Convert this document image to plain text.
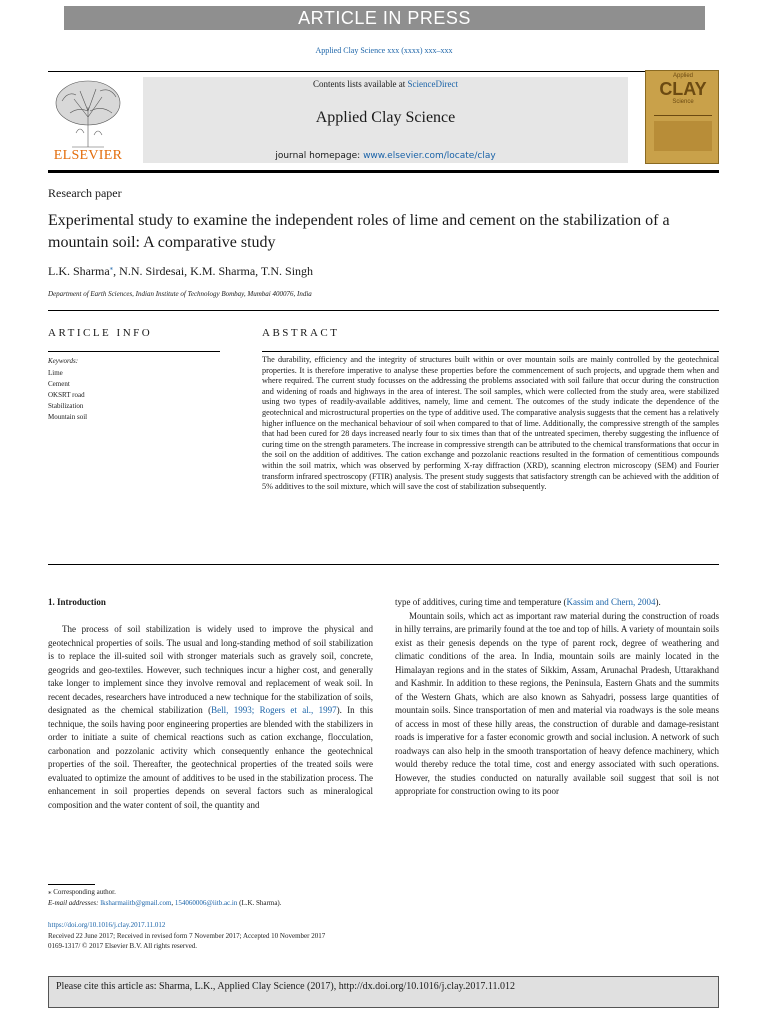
ARTICLE IN PRESS
Applied Clay Science xxx (xxxx) xxx–xxx
ELSEVIER
Contents lists available at ScienceDirect
Applied Clay Science
journal homepage: www.elsevier.com/locate/clay
Applied
CLAY
Science
Research paper
Experimental study to examine the independent roles of lime and cement on the stabilization of a mountain soil: A comparative study
L.K. Sharma⁎, N.N. Sirdesai, K.M. Sharma, T.N. Singh
Department of Earth Sciences, Indian Institute of Technology Bombay, Mumbai 400076, India
ARTICLE INFO	ABSTRACT
Keywords:
Lime
Cement
OKSRT road
Stabilization
Mountain soil
The durability, efficiency and the integrity of structures built within or over mountain soils are mainly controlled by the geotechnical properties. It is therefore imperative to analyse these properties before the commencement of such projects, and upgrade them when and where required. The current study focusses on the addressing the problems associated with soil failure that occur during the construction and widening of roads and highways in the area of interest. The soil samples, which were collected from the study area, were stabilized using two types of readily-available additives, namely, lime and cement. The outcomes of the study indicate the dependence of the geotechnical and microstructural properties on the type of additive used. The comparative analysis suggests that the cement has a relatively higher influence on the mechanical behaviour of soil when compared to that of lime. Additionally, the compressive strength of the samples that had been cured for 28 days increased nearly four to six times than that of the untreated specimen, thereby suggesting the influence of curing time on the strength parameters. The increase in compressive strength can be attributed to the chemical transformations that occur in the soil on the addition of additives. The cation exchange and pozzolanic reactions resulted in the formation of cementitious compounds within the soil matrix, which was observed by performing X-ray diffraction (XRD), scanning electron microscopy (SEM) and Fourier transform infrared spectroscopy (FTIR) analysis. The present study suggests that satisfactory strength can be achieved with the addition of 5% additives to the soil mixture, which will save the cost of stabilization subsequently.
1. Introduction

The process of soil stabilization is widely used to improve the physical and geotechnical properties of soils. The usual and long-standing method of soil stabilization is to replace the ill-suited soil with stronger materials such as gravely soil, concrete, geogrids and geo-textiles. However, such techniques incur a higher cost, and generally take longer to implement since they involve removal and replacement of weak soil. In recent decades, researchers have introduced a new technique for the stabilization of soils, designated as the chemical stabilization (Bell, 1993; Rogers et al., 1997). In this technique, the soils having poor engineering properties are blended with the stabilizers in order to initiate a suite of chemical reactions such as cation exchange, flocculation, carbonation and pozzolanic activity which consequently enhance the geotechnical properties of the soil. Thereafter, the geotechnical properties of the treated soils were evaluated to optimize the amount of additives to be used in the stabilization process. The enhancement in soil properties depends on several factors such as mineralogical composition and the water content of soil, the quantity and

type of additives, curing time and temperature (Kassim and Chern, 2004).

Mountain soils, which act as important raw material during the construction of roads in hilly terrains, are primarily found at the toe and top of hills. A variety of mountain soils exist as their genesis depends on the type of parent rock, degree of weathering and climatic conditions of the area. In India, mountain soils are mainly located in the Himalayan regions and in the states of Sikkim, Assam, Arunachal Pradesh, Uttarakhand and Kashmir. In addition to these regions, the Peninsula, Eastern Ghats and the summits of the Western Ghats, which are also known as Sahyadri, possess large quantities of mountain soils. Since transportation of men and material via roadways is the sole means of access in most of these hilly areas, the construction of durable and damage-resistant roads is imperative for a faster economic growth and social inclusion. A network of such roadways can also help in the smooth transportation of heavy defence machinery, which would thereby reduce the total time, cost and energy associated with such operations. However, the studies conducted on naturally available soil suggest that soil is not appropriate for construction owing to its poor

⁎ Corresponding author.
E-mail addresses: lksharmaiitb@gmail.com, 154060006@iitb.ac.in (L.K. Sharma).
https://doi.org/10.1016/j.clay.2017.11.012
Received 22 June 2017; Received in revised form 7 November 2017; Accepted 10 November 2017
0169-1317/ © 2017 Elsevier B.V. All rights reserved.
Please cite this article as: Sharma, L.K., Applied Clay Science (2017), http://dx.doi.org/10.1016/j.clay.2017.11.012
